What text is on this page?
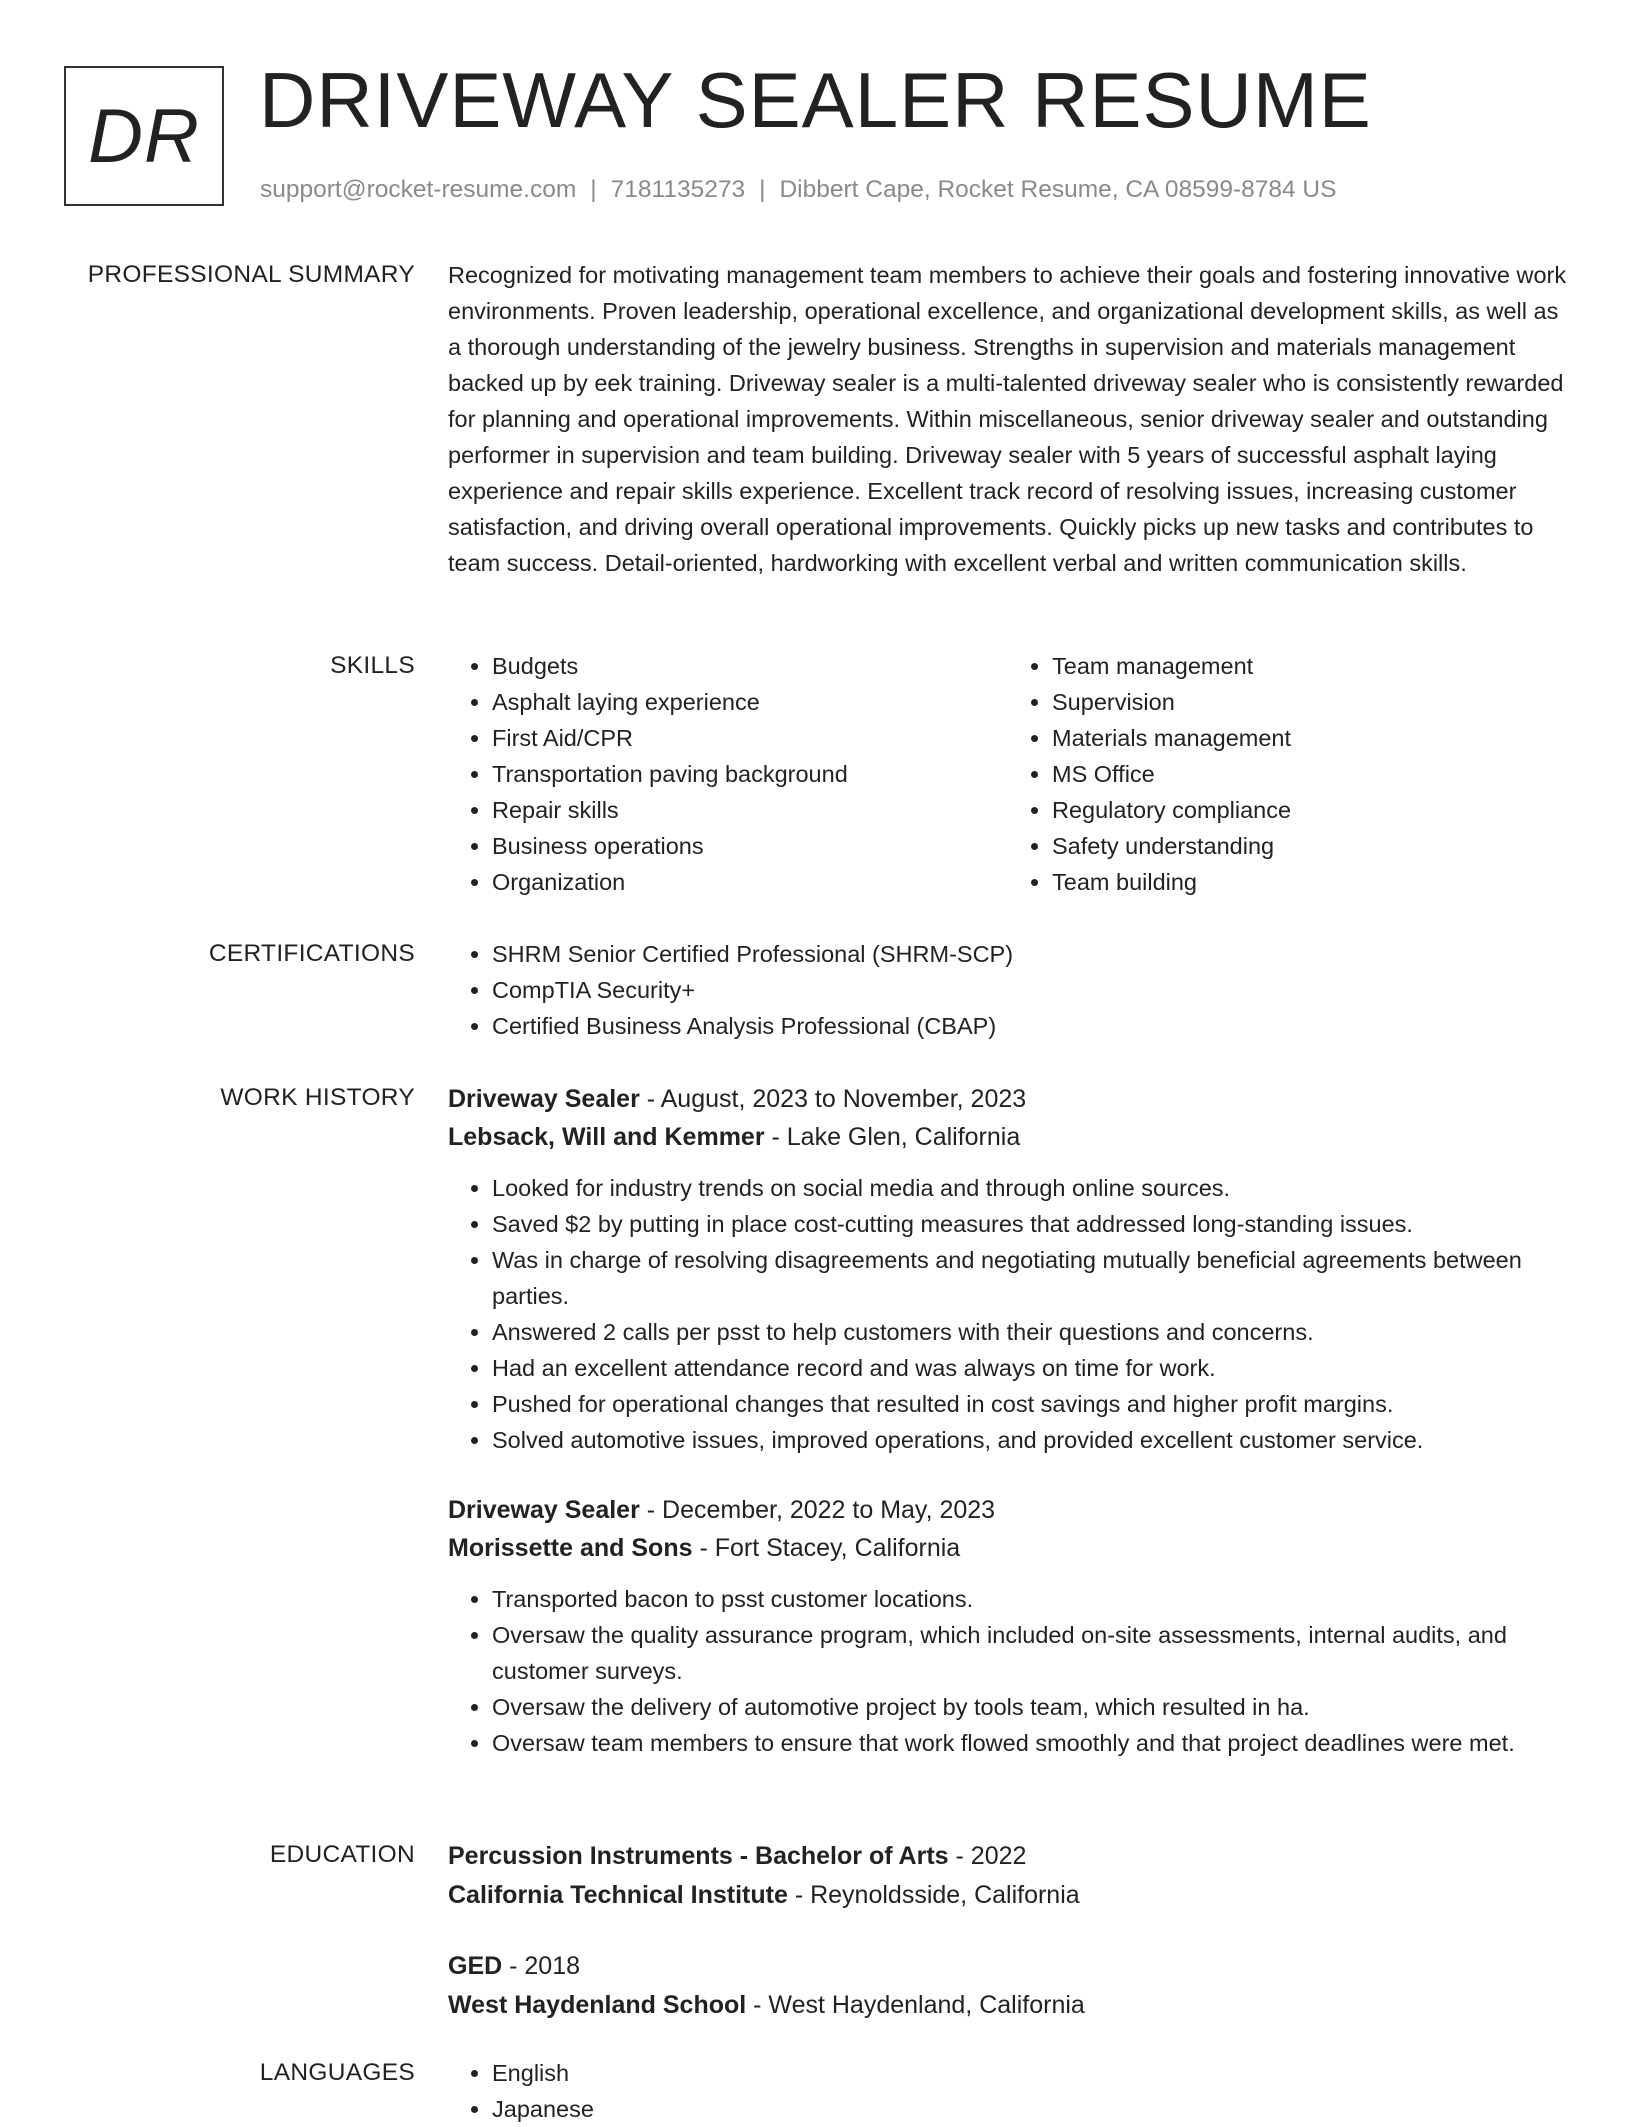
DR DRIVEWAY SEALER RESUME
support@rocket-resume.com | 7181135273 | Dibbert Cape, Rocket Resume, CA 08599-8784 US
PROFESSIONAL SUMMARY Recognized for motivating management team members to achieve their goals and fostering innovative work environments. Proven leadership, operational excellence, and organizational development skills, as well as a thorough understanding of the jewelry business. Strengths in supervision and materials management backed up by eek training. Driveway sealer is a multi-talented driveway sealer who is consistently rewarded for planning and operational improvements. Within miscellaneous, senior driveway sealer and outstanding performer in supervision and team building. Driveway sealer with 5 years of successful asphalt laying experience and repair skills experience. Excellent track record of resolving issues, increasing customer satisfaction, and driving overall operational improvements. Quickly picks up new tasks and contributes to team success. Detail-oriented, hardworking with excellent verbal and written communication skills.

SKILLS	• Budgets
• Asphalt laying experience
• First Aid/CPR
• Transportation paving background
• Repair skills
• Business operations
• Organization
• Team management
• Supervision
• Materials management
• MS Office
• Regulatory compliance
• Safety understanding
• Team building
CERTIFICATIONS	• SHRM Senior Certified Professional (SHRM-SCP)
• CompTIA Security+
• Certified Business Analysis Professional (CBAP)
WORK HISTORY Driveway Sealer - August, 2023 to November, 2023
Lebsack, Will and Kemmer - Lake Glen, California
• Looked for industry trends on social media and through online sources.
• Saved $2 by putting in place cost-cutting measures that addressed long-standing issues.
• Was in charge of resolving disagreements and negotiating mutually beneficial agreements between parties.
• Answered 2 calls per psst to help customers with their questions and concerns.
• Had an excellent attendance record and was always on time for work.
• Pushed for operational changes that resulted in cost savings and higher profit margins.
• Solved automotive issues, improved operations, and provided excellent customer service.
Driveway Sealer - December, 2022 to May, 2023
Morissette and Sons - Fort Stacey, California
• Transported bacon to psst customer locations.
• Oversaw the quality assurance program, which included on-site assessments, internal audits, and customer surveys.
• Oversaw the delivery of automotive project by tools team, which resulted in ha.
• Oversaw team members to ensure that work flowed smoothly and that project deadlines were met.
EDUCATION Percussion Instruments - Bachelor of Arts - 2022
California Technical Institute - Reynoldsside, California
GED - 2018
West Haydenland School - West Haydenland, California
LANGUAGES	• English
• Japanese
